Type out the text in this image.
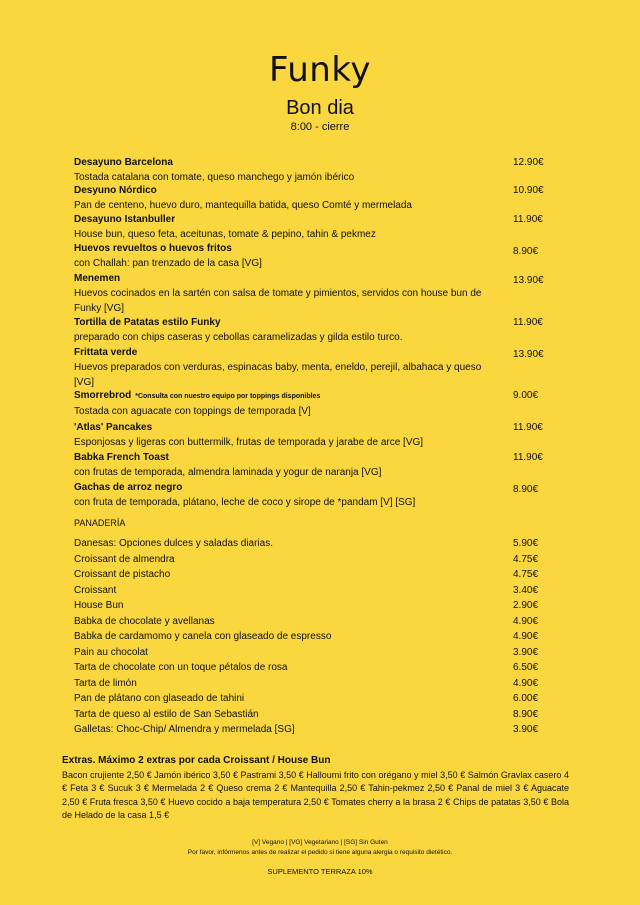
Funky
Bon dia
8:00 - cierre
Desayuno Barcelona	12.90€
Tostada catalana con tomate, queso manchego y jamón ibérico
Desyuno Nórdico	10.90€
Pan de centeno, huevo duro, mantequilla batida, queso Comté y mermelada
Desayuno Istanbuller	11.90€
House bun, queso feta, aceitunas, tomate & pepino, tahin & pekmez
Huevos revueltos o huevos fritos	8.90€
con Challah: pan trenzado de la casa [VG]
Menemen	13.90€
Huevos cocinados en la sartén con salsa de tomate y pimientos, servidos con house bun de Funky [VG]
Tortilla de Patatas estilo Funky	11.90€
preparado con chips caseras y cebollas caramelizadas y gilda estilo turco.
Frittata verde	13.90€
Huevos preparados con verduras, espinacas baby, menta, eneldo, perejil, albahaca y queso [VG]
Smorrebrod *Consulta con nuestro equipo por toppings disponibles	9.00€
Tostada con aguacate con toppings de temporada [V]
'Atlas' Pancakes	11.90€
Esponjosas y ligeras con buttermilk, frutas de temporada y jarabe de arce [VG]
Babka French Toast	11.90€
con frutas de temporada, almendra laminada y yogur de naranja [VG]
Gachas de arroz negro	8.90€
con fruta de temporada, plátano, leche de coco y sirope de *pandam [V] [SG]
PANADERÍA
Danesas: Opciones dulces y saladas diarias.	5.90€
Croissant de almendra	4.75€
Croissant de pistacho	4.75€
Croissant	3.40€
House Bun	2.90€
Babka de chocolate y avellanas	4.90€
Babka de cardamomo y canela con glaseado de espresso	4.90€
Pain au chocolat	3.90€
Tarta de chocolate con un toque pétalos de rosa	6.50€
Tarta de limón	4.90€
Pan de plátano con glaseado de tahini	6.00€
Tarta de queso al estilo de San Sebastián	8.90€
Galletas: Choc-Chip/ Almendra y mermelada [SG]	3.90€
Extras. Máximo 2 extras por cada Croissant / House Bun
Bacon crujiente 2,50 € Jamón ibérico 3,50 € Pastrami 3,50 € Halloumi frito con orégano y miel 3,50 € Salmón Gravlax casero 4 € Feta 3 € Sucuk 3 € Mermelada 2 € Queso crema 2 € Mantequilla 2,50 € Tahin-pekmez 2,50 € Panal de miel 3 € Aguacate 2,50 € Fruta fresca 3,50 € Huevo cocido a baja temperatura 2,50 € Tomates cherry a la brasa 2 € Chips de patatas 3,50 € Bola de Helado de la casa 1,5 €
[V] Vegano | [VG] Vegetariano | [SG] Sin Guten
Por favor, infórmenos antes de realizar el pedido si tiene alguna alergia o requisito dietético.
SUPLEMENTO TERRAZA 10%
